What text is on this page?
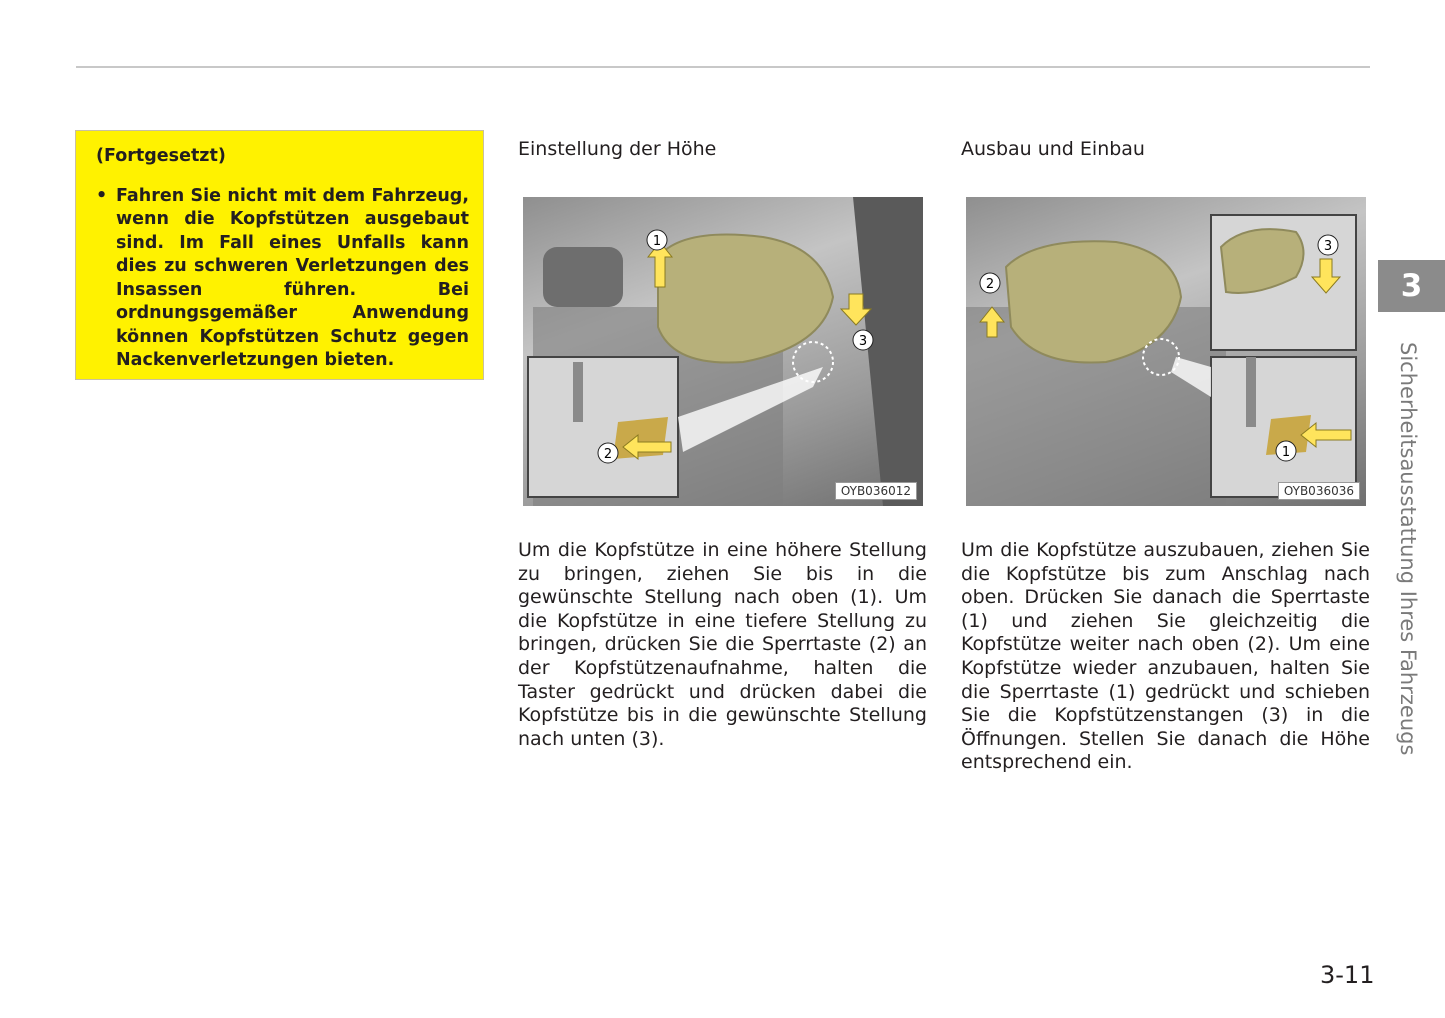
(Fortgesetzt)

• Fahren Sie nicht mit dem Fahrzeug, wenn die Kopfstützen ausgebaut sind. Im Fall eines Unfalls kann dies zu schweren Verletzungen des Insassen führen. Bei ordnungsgemäßer Anwendung können Kopfstützen Schutz gegen Nackenverletzungen bieten.

Einstellung der Höhe
1
2
3
OYB036012

Um die Kopfstütze in eine höhere Stellung zu bringen, ziehen Sie bis in die gewünschte Stellung nach oben (1). Um die Kopfstütze in eine tiefere Stellung zu bringen, drücken Sie die Sperrtaste (2) an der Kopfstützenaufnahme, halten die Taster gedrückt und drücken dabei die Kopfstütze bis in die gewünschte Stellung nach unten (3).

Ausbau und Einbau
1
2
3
OYB036036

Um die Kopfstütze auszubauen, ziehen Sie die Kopfstütze bis zum Anschlag nach oben. Drücken Sie danach die Sperrtaste (1) und ziehen Sie gleichzeitig die Kopfstütze weiter nach oben (2). Um eine Kopfstütze wieder anzubauen, halten Sie die Sperrtaste (1) gedrückt und schieben Sie die Kopfstützenstangen (3) in die Öffnungen. Stellen Sie danach die Höhe entsprechend ein.

3

Sicherheitsausstattung Ihres Fahrzeugs

3-11
